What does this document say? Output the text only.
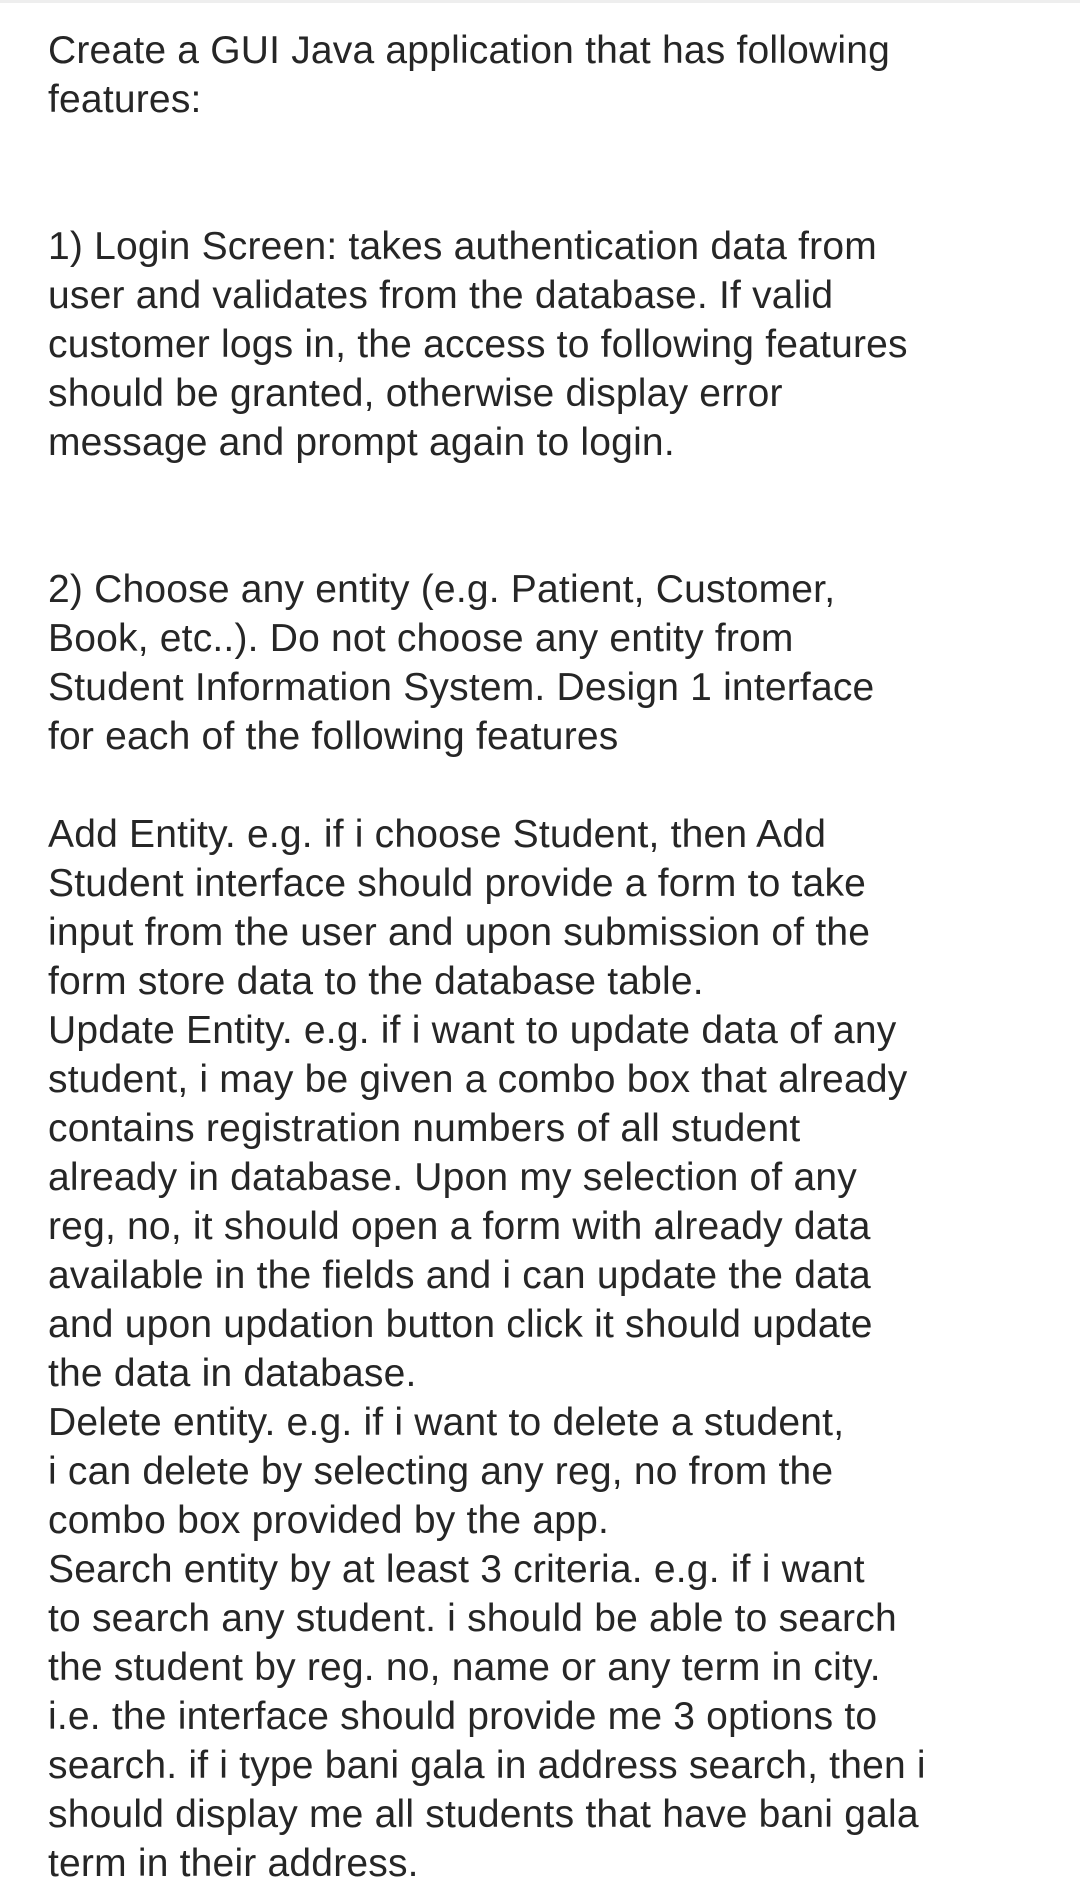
Create a GUI Java application that has following
features:
1) Login Screen: takes authentication data from
user and validates from the database. If valid
customer logs in, the access to following features
should be granted, otherwise display error
message and prompt again to login.
2) Choose any entity (e.g. Patient, Customer,
Book, etc..). Do not choose any entity from
Student Information System. Design 1 interface
for each of the following features
Add Entity. e.g. if i choose Student, then Add
Student interface should provide a form to take
input from the user and upon submission of the
form store data to the database table.
Update Entity. e.g. if i want to update data of any
student, i may be given a combo box that already
contains registration numbers of all student
already in database. Upon my selection of any
reg, no, it should open a form with already data
available in the fields and i can update the data
and upon updation button click it should update
the data in database.
Delete entity. e.g. if i want to delete a student,
i can delete by selecting any reg, no from the
combo box provided by the app.
Search entity by at least 3 criteria. e.g. if i want
to search any student. i should be able to search
the student by reg. no, name or any term in city.
i.e. the interface should provide me 3 options to
search. if i type bani gala in address search, then i
should display me all students that have bani gala
term in their address.
